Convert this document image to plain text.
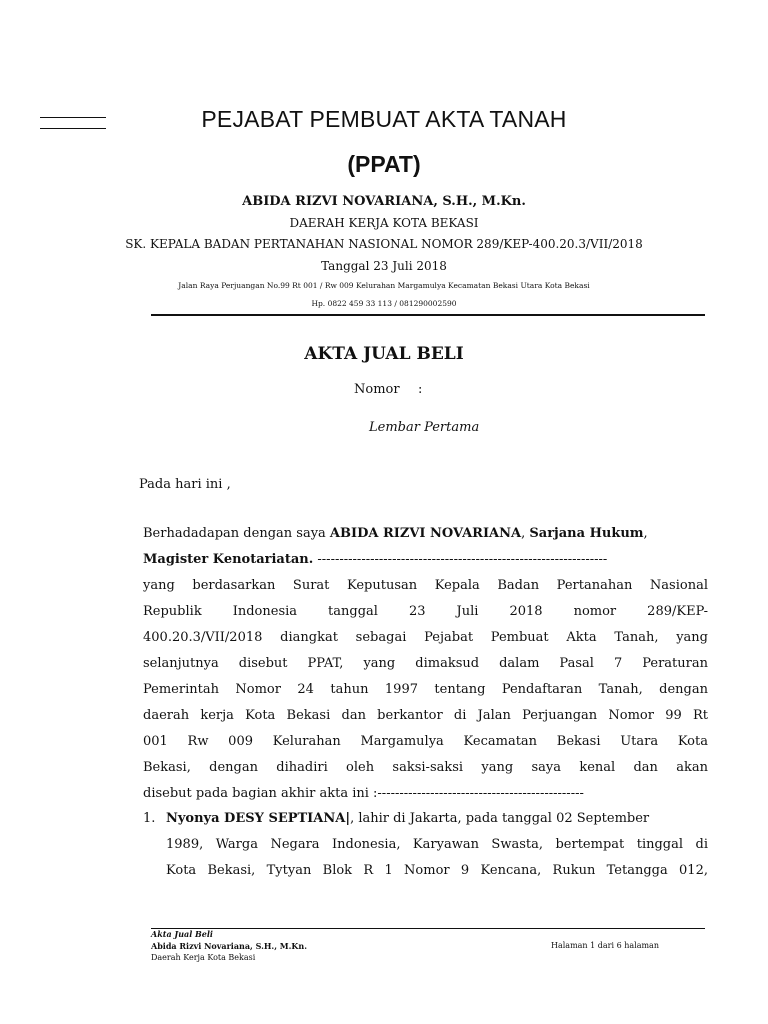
PEJABAT PEMBUAT AKTA TANAH
(PPAT)
ABIDA RIZVI NOVARIANA, S.H., M.Kn.
DAERAH KERJA KOTA BEKASI
SK. KEPALA BADAN PERTANAHAN NASIONAL NOMOR 289/KEP-400.20.3/VII/2018
Tanggal 23 Juli 2018
Jalan Raya Perjuangan No.99 Rt 001 / Rw 009 Kelurahan Margamulya Kecamatan Bekasi Utara Kota Bekasi
Hp. 0822 459 33 113 / 081290002590
AKTA JUAL BELI
Nomor :
Lembar Pertama
Pada hari ini ,
Berhadadapan dengan saya ABIDA RIZVI NOVARIANA, Sarjana Hukum,
Magister Kenotariatan. ------------------------------------------------------------------
yang berdasarkan Surat Keputusan Kepala Badan Pertanahan Nasional
Republik Indonesia tanggal 23 Juli 2018 nomor 289/KEP-
400.20.3/VII/2018 diangkat sebagai Pejabat Pembuat Akta Tanah, yang
selanjutnya disebut PPAT, yang dimaksud dalam Pasal 7 Peraturan
Pemerintah Nomor 24 tahun 1997 tentang Pendaftaran Tanah, dengan
daerah kerja Kota Bekasi dan berkantor di Jalan Perjuangan Nomor 99 Rt
001 Rw 009 Kelurahan Margamulya Kecamatan Bekasi Utara Kota
Bekasi, dengan dihadiri oleh saksi-saksi yang saya kenal dan akan
disebut pada bagian akhir akta ini :-----------------------------------------------
1. Nyonya DESY SEPTIANA|, lahir di Jakarta, pada tanggal 02 September
1989, Warga Negara Indonesia, Karyawan Swasta, bertempat tinggal di
Kota Bekasi, Tytyan Blok R 1 Nomor 9 Kencana, Rukun Tetangga 012,
Akta Jual Beli
Abida Rizvi Novariana, S.H., M.Kn.
Daerah Kerja Kota Bekasi
Halaman 1 dari 6 halaman
